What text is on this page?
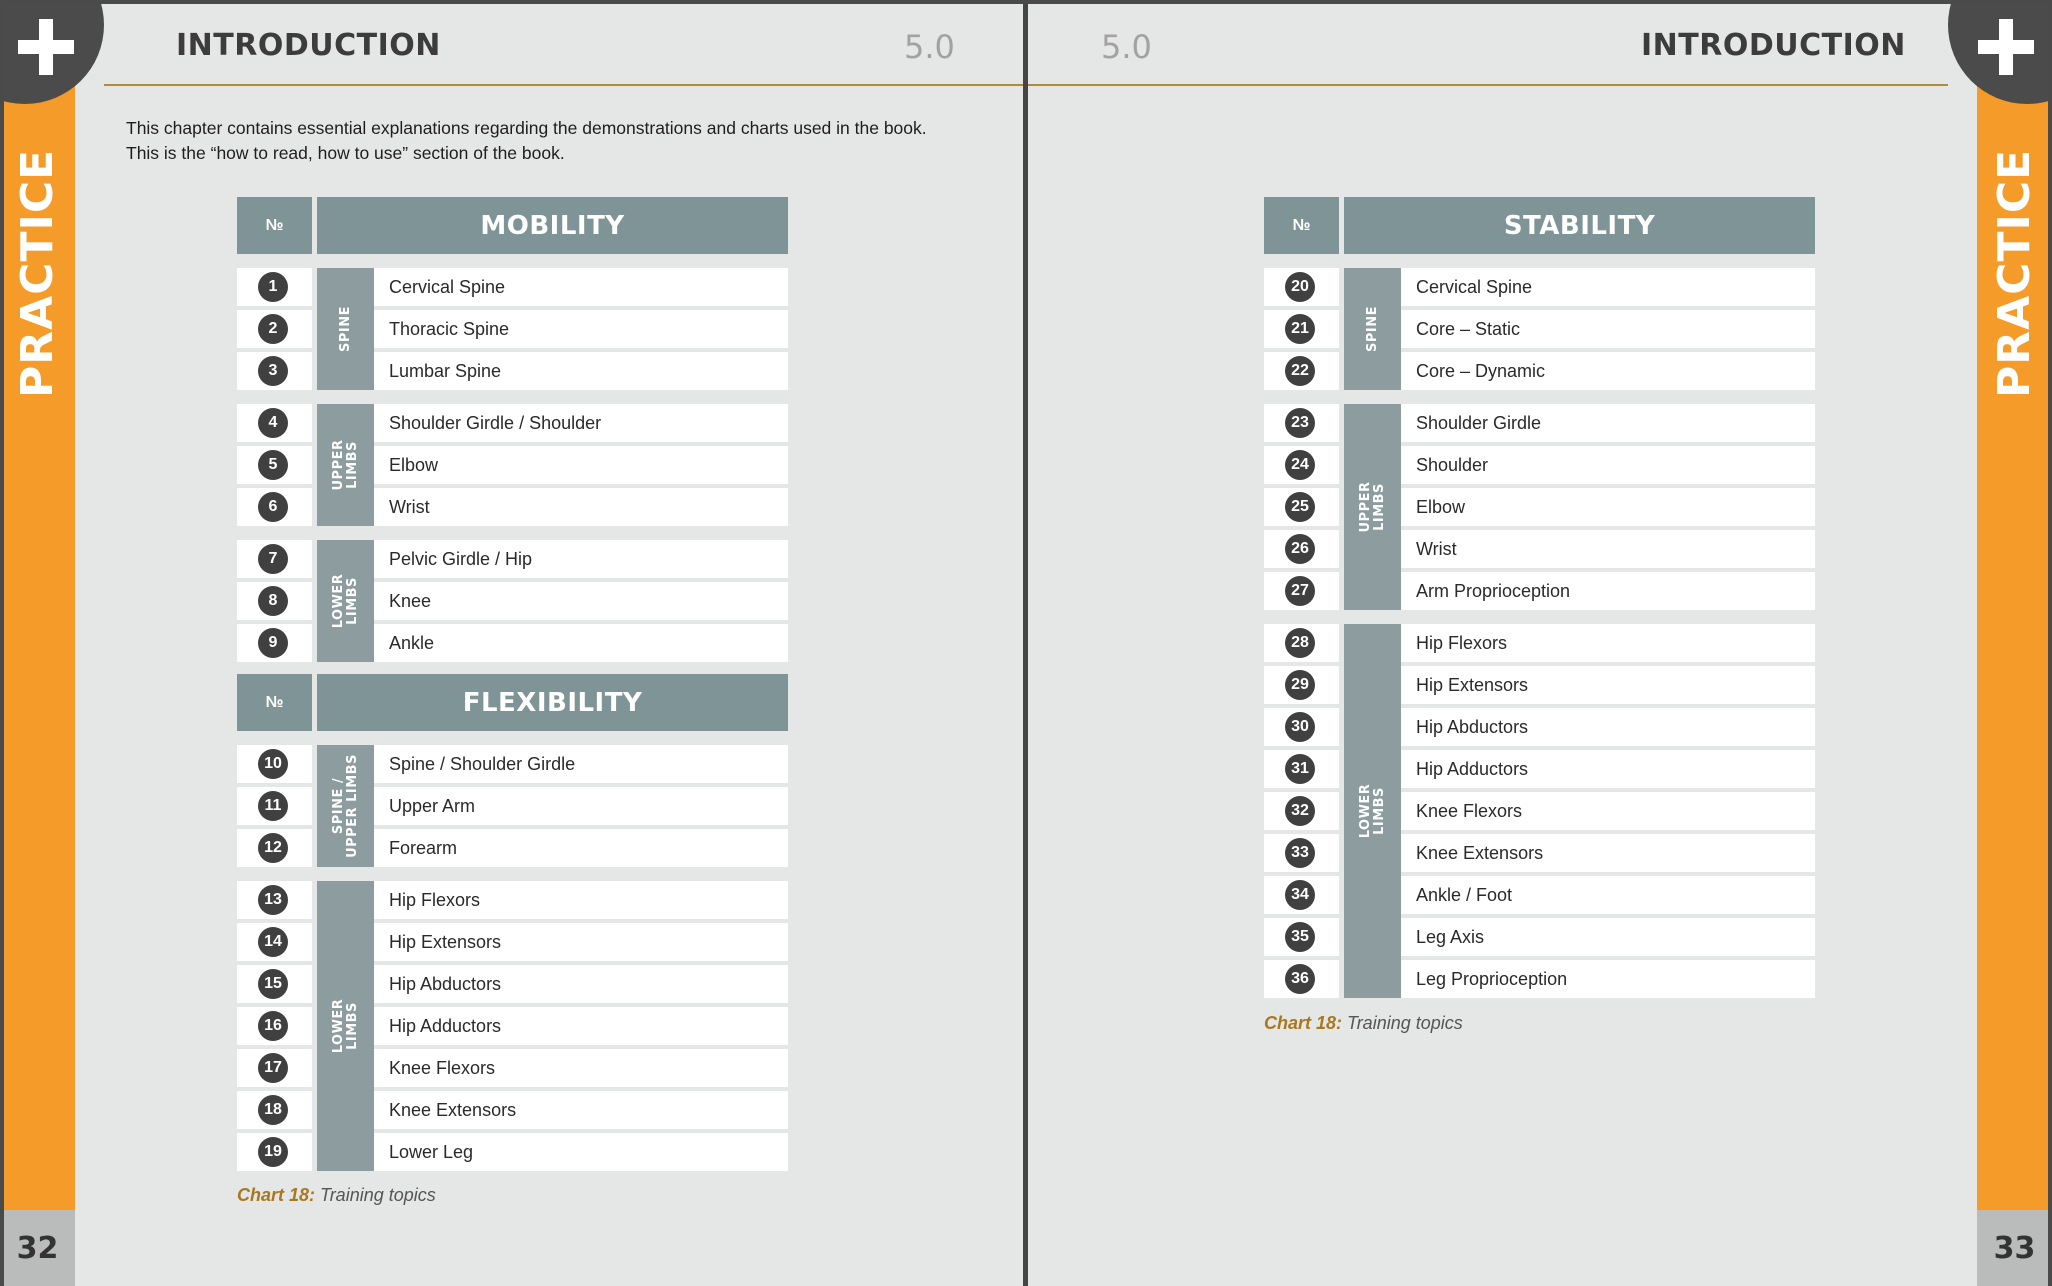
PRACTICE
32
INTRODUCTION	5.0
This chapter contains essential explanations regarding the demonstrations and charts used in the book.
This is the “how to read, how to use” section of the book.
№	MOBILITY
SPINE
1	Cervical Spine
2	Thoracic Spine
3	Lumbar Spine
UPPER
LIMBS
4	Shoulder Girdle / Shoulder
5	Elbow
6	Wrist
LOWER
LIMBS
7	Pelvic Girdle / Hip
8	Knee
9	Ankle
№	FLEXIBILITY
SPINE /
UPPER LIMBS
10	Spine / Shoulder Girdle
11	Upper Arm
12	Forearm
LOWER
LIMBS
13	Hip Flexors
14	Hip Extensors
15	Hip Abductors
16	Hip Adductors
17	Knee Flexors
18	Knee Extensors
19	Lower Leg
Chart 18: Training topics
PRACTICE
33
5.0	INTRODUCTION
№	STABILITY
SPINE
20	Cervical Spine
21	Core – Static
22	Core – Dynamic
UPPER
LIMBS
23	Shoulder Girdle
24	Shoulder
25	Elbow
26	Wrist
27	Arm Proprioception
LOWER
LIMBS
28	Hip Flexors
29	Hip Extensors
30	Hip Abductors
31	Hip Adductors
32	Knee Flexors
33	Knee Extensors
34	Ankle / Foot
35	Leg Axis
36	Leg Proprioception
Chart 18: Training topics
